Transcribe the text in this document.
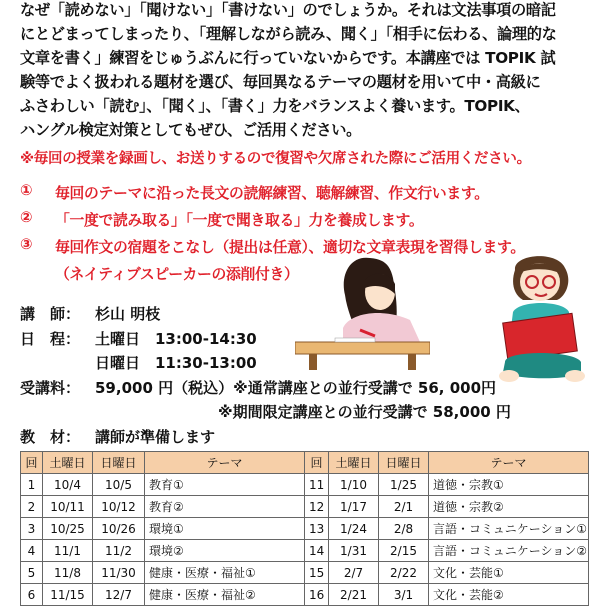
なぜ「読めない」「聞けない」「書けない」のでしょうか。それは文法事項の暗記
にとどまってしまったり、「理解しながら読み、聞く」「相手に伝わる、論理的な
文章を書く」練習をじゅうぶんに行っていないからです。本講座では TOPIK 試
験等でよく扱われる題材を選び、毎回異なるテーマの題材を用いて中・高級に
ふさわしい「読む」、「聞く」、「書く」力をバランスよく養います。TOPIK、
ハングル検定対策としてもぜひ、ご活用ください。
※毎回の授業を録画し、お送りするので復習や欠席された際にご活用ください。
① 毎回のテーマに沿った長文の読解練習、聴解練習、作文行います。
② 「一度で読み取る」「一度で聞き取る」力を養成します。
③ 毎回作文の宿題をこなし（提出は任意）、適切な文章表現を習得します。
（ネイティブスピーカーの添削付き）
講　師： 杉山 明枝
日　程： 土曜日　13:00-14:30
日曜日　11:30-13:00
受講料： 59,000 円（税込）※通常講座との並行受講で 56, 000円
※期間限定講座との並行受講で 58,000 円
教　材： 講師が準備します
回	土曜日	日曜日	テーマ	回	土曜日	日曜日	テーマ
1	10/4	10/5	教育①	11	1/10	1/25	道徳・宗教①
2	10/11	10/12	教育②	12	1/17	2/1	道徳・宗教②
3	10/25	10/26	環境①	13	1/24	2/8	言語・コミュニケーション①
4	11/1	11/2	環境②	14	1/31	2/15	言語・コミュニケーション②
5	11/8	11/30	健康・医療・福祉①	15	2/7	2/22	文化・芸能①
6	11/15	12/7	健康・医療・福祉②	16	2/21	3/1	文化・芸能②
